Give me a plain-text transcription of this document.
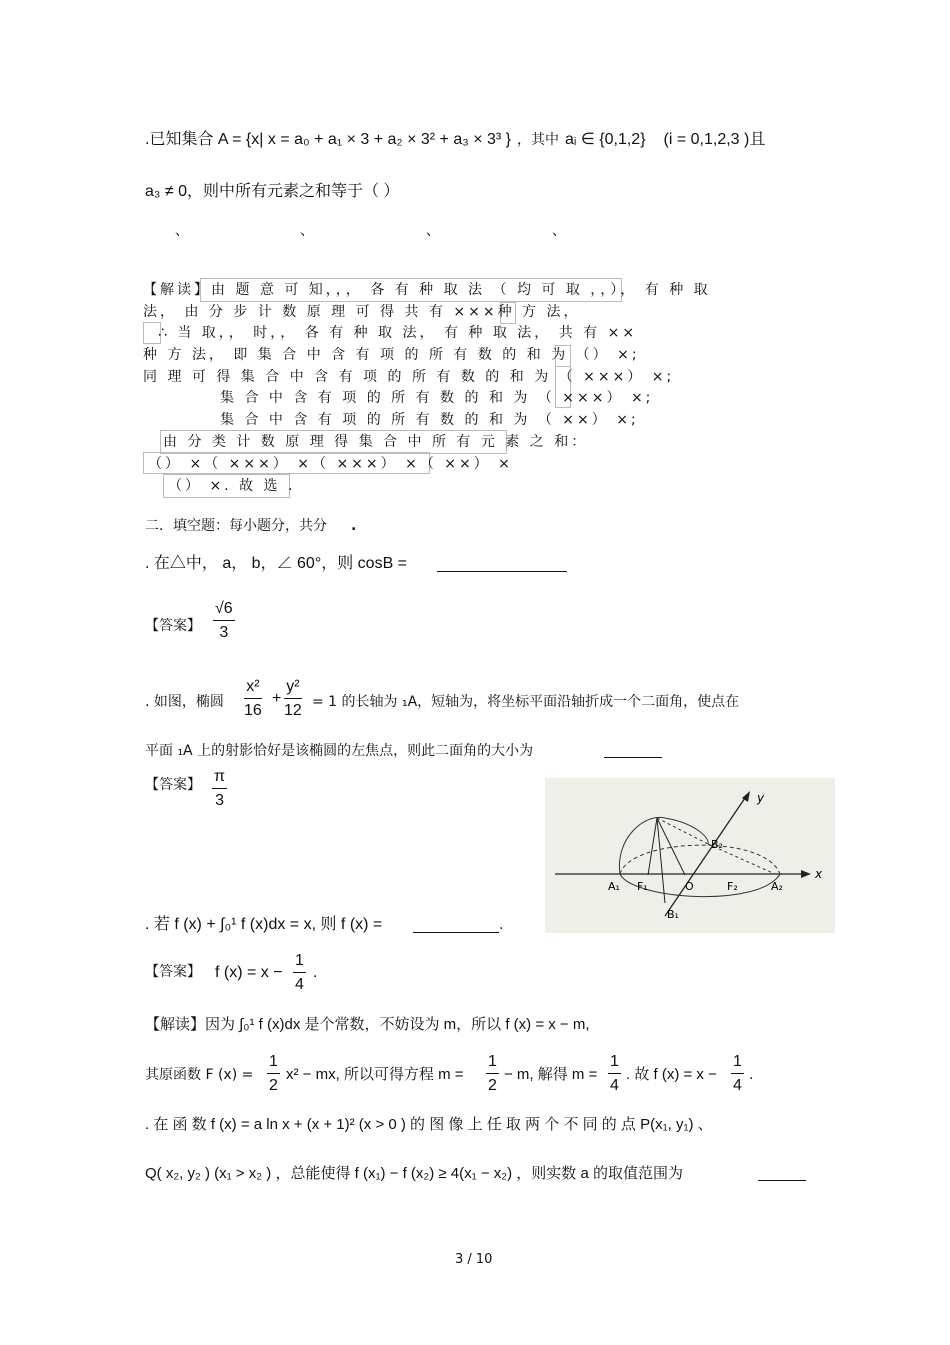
.已知集合 A = {x| x = a₀ + a₁ × 3 + a₂ × 3² + a₃ × 3³ } ，其中 aᵢ ∈ {0,1,2} (i = 0,1,2,3 )且
a₃ ≠ 0，则中所有元素之和等于（ ）
、	、	、	、
【解读】由 题 意 可 知，，， 各 有 种 取 法 （ 均 可 取 ，，）， 有 种 取
法， 由 分 步 计 数 原 理 可 得 共 有 ×××种 方 法，
∴ 当 取，， 时，， 各 有 种 取 法， 有 种 取 法， 共 有 ××
种 方 法， 即 集 合 中 含 有 项 的 所 有 数 的 和 为 （） ×;
同 理 可 得 集 合 中 含 有 项 的 所 有 数 的 和 为 （ ×××） ×;
集 合 中 含 有 项 的 所 有 数 的 和 为 （ ×××） ×;
集 合 中 含 有 项 的 所 有 数 的 和 为 （ ××） ×;
由 分 类 计 数 原 理 得 集 合 中 所 有 元 素 之 和：
（） ×（ ×××） ×（ ×××） ×（ ××） ×
（） ×. 故 选 .
二．填空题：每小题分，共分 .
. 在△中， a， b，∠ 60°，则 cosB =
【答案】 $\frac{√6}{3}$
. 如图，椭圆 $\frac{\text{x²}}{16} + \frac{\text{y²}}{12} = 1$ 的长轴为 ₁A，短轴为，将坐标平面沿轴折成一个二面角，使点在
平面 ₁A 上的射影恰好是该椭圆的左焦点，则此二面角的大小为
【答案】 $\frac{\pi}{3}$
A₁ F₁	O	F₂	A₂
B₁
B₂
y
x
. 若 f (x) + ∫₀¹ f (x)dx = x, 则 f (x) =	.
【答案】 f $(x) = x - \frac{1}{4}$ .
【解读】因为 ∫₀¹ f (x)dx 是个常数，不妨设为 m，所以 f (x) = x − m,
其原函数 F $(x) = \frac{1}{2} x^2$ − mx, 所以可得方程 $m = \frac{1}{2} - m$, 解得 $m = \frac{1}{4}$ . 故 f $(x) = x - \frac{1}{4}$ .
. 在 函 数 f (x) = a ln x + (x + 1)² (x > 0 ) 的 图 像 上 任 取 两 个 不 同 的 点 P(x₁, y₁) 、
Q( x₂, y₂ ) (x₁ > x₂ ) ，总能使得 f (x₁) − f (x₂) ≥ 4(x₁ − x₂) ，则实数 a 的取值范围为
3 / 10
